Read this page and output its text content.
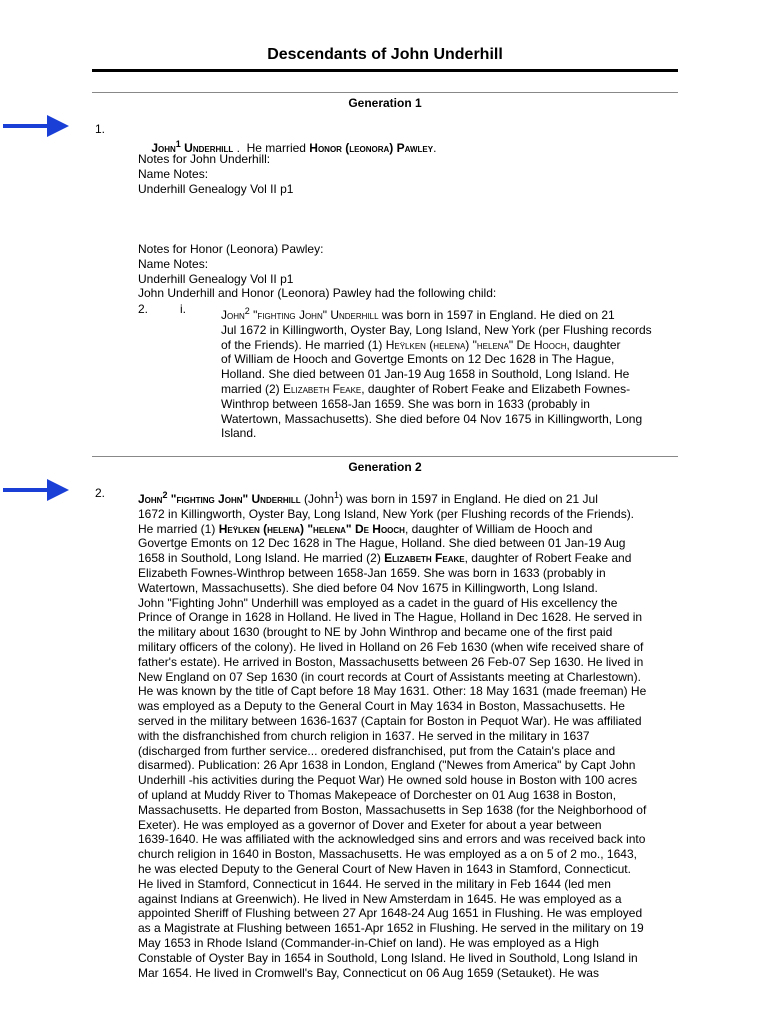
Descendants of John Underhill
Generation 1
1.

John$^1$ Underhill .  He married Honor (leonora) Pawley.

Notes for John Underhill:
Name Notes:
Underhill Genealogy Vol II p1
Notes for Honor (Leonora) Pawley:
Name Notes:
Underhill Genealogy Vol II p1
John Underhill and Honor (Leonora) Pawley had the following child:
2.	i.	John$^2$ "fighting John" Underhill was born in 1597 in England. He died on 21
Jul 1672 in Killingworth, Oyster Bay, Long Island, New York (per Flushing records
of the Friends). He married (1) Heÿlken (helena) "helena" De Hooch, daughter
of William de Hooch and Govertge Emonts on 12 Dec 1628 in The Hague,
Holland. She died between 01 Jan-19 Aug 1658 in Southold, Long Island. He
married (2) Elizabeth Feake, daughter of Robert Feake and Elizabeth Fownes-
Winthrop between 1658-Jan 1659. She was born in 1633 (probably in
Watertown, Massachusetts). She died before 04 Nov 1675 in Killingworth, Long
Island.
Generation 2
2.	John$^2$ "fighting John" Underhill (John$^1$) was born in 1597 in England. He died on 21 Jul
1672 in Killingworth, Oyster Bay, Long Island, New York (per Flushing records of the Friends).
He married (1) Heÿlken (helena) "helena" De Hooch, daughter of William de Hooch and
Govertge Emonts on 12 Dec 1628 in The Hague, Holland. She died between 01 Jan-19 Aug
1658 in Southold, Long Island. He married (2) Elizabeth Feake, daughter of Robert Feake and
Elizabeth Fownes-Winthrop between 1658-Jan 1659. She was born in 1633 (probably in
Watertown, Massachusetts). She died before 04 Nov 1675 in Killingworth, Long Island.
John "Fighting John" Underhill was employed as a cadet in the guard of His excellency the
Prince of Orange in 1628 in Holland. He lived in The Hague, Holland in Dec 1628. He served in
the military about 1630 (brought to NE by John Winthrop and became one of the first paid
military officers of the colony). He lived in Holland on 26 Feb 1630 (when wife received share of
father's estate). He arrived in Boston, Massachusetts between 26 Feb-07 Sep 1630. He lived in
New England on 07 Sep 1630 (in court records at Court of Assistants meeting at Charlestown).
He was known by the title of Capt before 18 May 1631. Other: 18 May 1631 (made freeman) He
was employed as a Deputy to the General Court in May 1634 in Boston, Massachusetts. He
served in the military between 1636-1637 (Captain for Boston in Pequot War). He was affiliated
with the disfranchished from church religion in 1637. He served in the military in 1637
(discharged from further service... oredered disfranchised, put from the Catain's place and
disarmed). Publication: 26 Apr 1638 in London, England ("Newes from America" by Capt John
Underhill -his activities during the Pequot War) He owned sold house in Boston with 100 acres
of upland at Muddy River to Thomas Makepeace of Dorchester on 01 Aug 1638 in Boston,
Massachusetts. He departed from Boston, Massachusetts in Sep 1638 (for the Neighborhood of
Exeter). He was employed as a governor of Dover and Exeter for about a year between
1639-1640. He was affiliated with the acknowledged sins and errors and was received back into
church religion in 1640 in Boston, Massachusetts. He was employed as a on 5 of 2 mo., 1643,
he was elected Deputy to the General Court of New Haven in 1643 in Stamford, Connecticut.
He lived in Stamford, Connecticut in 1644. He served in the military in Feb 1644 (led men
against Indians at Greenwich). He lived in New Amsterdam in 1645. He was employed as a
appointed Sheriff of Flushing between 27 Apr 1648-24 Aug 1651 in Flushing. He was employed
as a Magistrate at Flushing between 1651-Apr 1652 in Flushing. He served in the military on 19
May 1653 in Rhode Island (Commander-in-Chief on land). He was employed as a High
Constable of Oyster Bay in 1654 in Southold, Long Island. He lived in Southold, Long Island in
Mar 1654. He lived in Cromwell's Bay, Connecticut on 06 Aug 1659 (Setauket). He was
